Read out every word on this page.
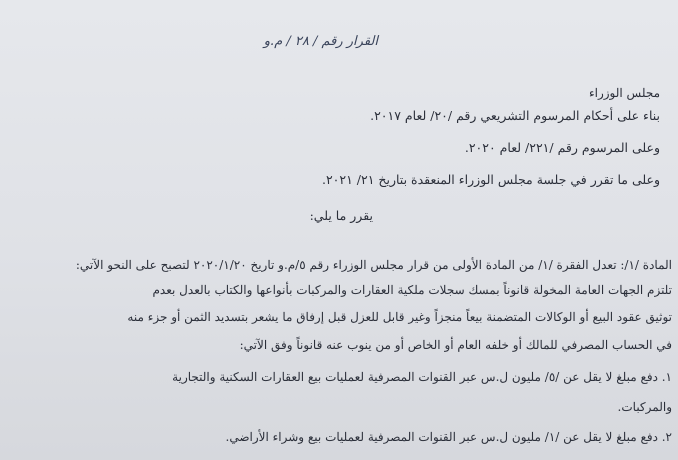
القرار رقم / ٢٨ / م.و
مجلس الوزراء
بناء على أحكام المرسوم التشريعي رقم /٢٠/ لعام ٢٠١٧.
وعلى المرسوم رقم /٢٢١/ لعام ٢٠٢٠.
وعلى ما تقرر في جلسة مجلس الوزراء المنعقدة بتاريخ ٢١/ ٢٠٢١.
يقرر ما يلي:
المادة /١/: تعدل الفقرة /١/ من المادة الأولى من قرار مجلس الوزراء رقم ٥/م.و تاريخ ٢٠٢٠/١/٢٠ لتصبح على النحو الآتي:
تلتزم الجهات العامة المخولة قانوناً بمسك سجلات ملكية العقارات والمركبات بأنواعها والكتاب بالعدل بعدم
توثيق عقود البيع أو الوكالات المتضمنة بيعاً منجزاً وغير قابل للعزل قبل إرفاق ما يشعر بتسديد الثمن أو جزء منه
في الحساب المصرفي للمالك أو خلفه العام أو الخاص أو من ينوب عنه قانوناً وفق الآتي:
١. دفع مبلغ لا يقل عن /٥/ مليون ل.س عبر القنوات المصرفية لعمليات بيع العقارات السكنية والتجارية
والمركبات.
٢. دفع مبلغ لا يقل عن /١/ مليون ل.س عبر القنوات المصرفية لعمليات بيع وشراء الأراضي.
